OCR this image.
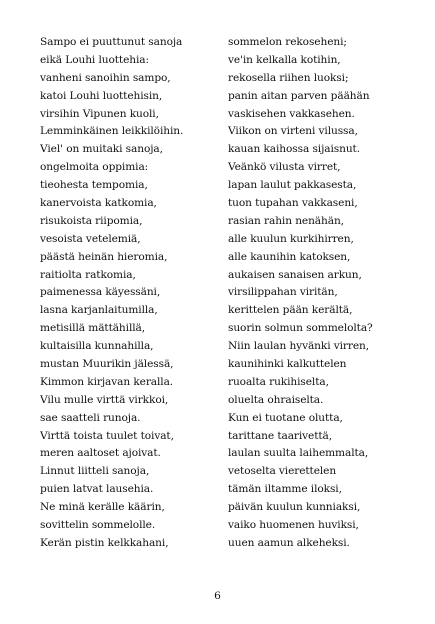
Sampo ei puuttunut sanoja
eikä Louhi luottehia:
vanheni sanoihin sampo,
katoi Louhi luottehisin,
virsihin Vipunen kuoli,
Lemminkäinen leikkilöihin.
Viel' on muitaki sanoja,
ongelmoita oppimia:
tieohesta tempomia,
kanervoista katkomia,
risukoista riipomia,
vesoista vetelemiä,
päästä heinän hieromia,
raitiolta ratkomia,
paimenessa käyessäni,
lasna karjanlaitumilla,
metisillä mättähillä,
kultaisilla kunnahilla,
mustan Muurikin jälessä,
Kimmon kirjavan keralla.
Vilu mulle virttä virkkoi,
sae saatteli runoja.
Virttä toista tuulet toivat,
meren aaltoset ajoivat.
Linnut liitteli sanoja,
puien latvat lausehia.
Ne minä kerälle käärin,
sovittelin sommelolle.
Kerän pistin kelkkahani,
sommelon rekoseheni;
ve'in kelkalla kotihin,
rekosella riihen luoksi;
panin aitan parven päähän
vaskisehen vakkasehen.
Viikon on virteni vilussa,
kauan kaihossa sijaisnut.
Veänkö vilusta virret,
lapan laulut pakkasesta,
tuon tupahan vakkaseni,
rasian rahin nenähän,
alle kuulun kurkihirren,
alle kaunihin katoksen,
aukaisen sanaisen arkun,
virsilippahan viritän,
kerittelen pään kerältä,
suorin solmun sommelolta?
Niin laulan hyvänki virren,
kaunihinki kalkuttelen
ruoalta rukihiselta,
oluelta ohraiselta.
Kun ei tuotane olutta,
tarittane taarivettä,
laulan suulta laihemmalta,
vetoselta vierettelen
tämän iltamme iloksi,
päivän kuulun kunniaksi,
vaiko huomenen huviksi,
uuen aamun alkeheksi.
6
